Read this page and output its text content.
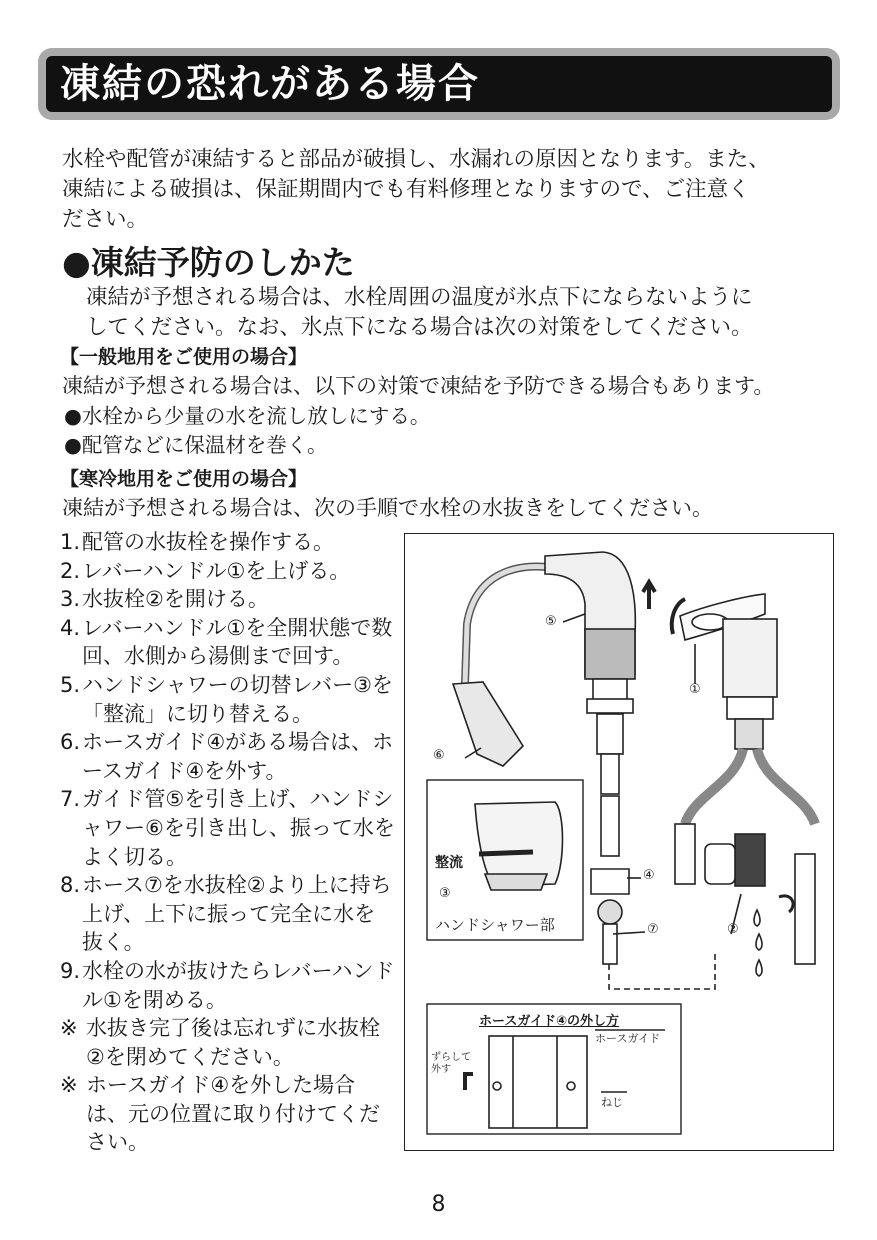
凍結の恐れがある場合
水栓や配管が凍結すると部品が破損し、水漏れの原因となります。また、
凍結による破損は、保証期間内でも有料修理となりますので、ご注意く
ださい。
●凍結予防のしかた
凍結が予想される場合は、水栓周囲の温度が氷点下にならないように
してください。なお、氷点下になる場合は次の対策をしてください。
【一般地用をご使用の場合】
凍結が予想される場合は、以下の対策で凍結を予防できる場合もあります。
●水栓から少量の水を流し放しにする。
●配管などに保温材を巻く。
【寒冷地用をご使用の場合】
凍結が予想される場合は、次の手順で水栓の水抜きをしてください。
1. 配管の水抜栓を操作する。
2. レバーハンドル①を上げる。
3. 水抜栓②を開ける。
4. レバーハンドル①を全開状態で数回、水側から湯側まで回す。
5. ハンドシャワーの切替レバー③を「整流」に切り替える。
6. ホースガイド④がある場合は、ホースガイド④を外す。
7. ガイド管⑤を引き上げ、ハンドシャワー⑥を引き出し、振って水をよく切る。
8. ホース⑦を水抜栓②より上に持ち上げ、上下に振って完全に水を抜く。
9. 水栓の水が抜けたらレバーハンドル①を閉める。
※ 水抜き完了後は忘れずに水抜栓②を閉めてください。
※ ホースガイド④を外した場合は、元の位置に取り付けてください。
⑤
①
⑥
整流
③
ハンドシャワー部
④
⑦	②
ホースガイド④の外し方
ホースガイド
ずらして
外す
ねじ
8
